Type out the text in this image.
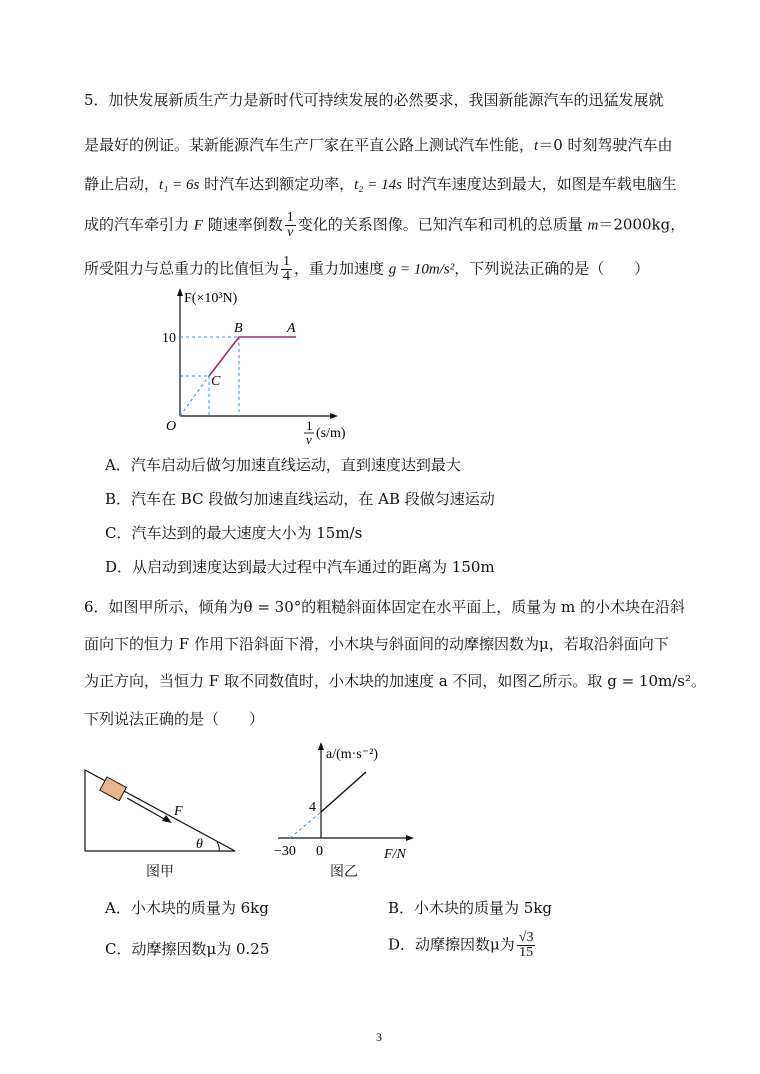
5．加快发展新质生产力是新时代可持续发展的必然要求，我国新能源汽车的迅猛发展就
是最好的例证。某新能源汽车生产厂家在平直公路上测试汽车性能，t＝0 时刻驾驶汽车由
静止启动，t₁ = 6s 时汽车达到额定功率，t₂ = 14s 时汽车速度达到最大，如图是车载电脑生
成的汽车牵引力 F 随速率倒数 $\frac{1}{v}$ 变化的关系图像。已知汽车和司机的总质量 m＝2000kg，
所受阻力与总重力的比值恒为 $\frac{1}{4}$ ，重力加速度 g = 10m/s²，下列说法正确的是（　　）
F(×10³N)
10
O
B	A
C
1
v (s/m)
A．汽车启动后做匀加速直线运动，直到速度达到最大
B．汽车在 BC 段做匀加速直线运动，在 AB 段做匀速运动
C．汽车达到的最大速度大小为 15m/s
D．从启动到速度达到最大过程中汽车通过的距离为 150m
6．如图甲所示，倾角为θ = 30°的粗糙斜面体固定在水平面上，质量为 m 的小木块在沿斜
面向下的恒力 F 作用下沿斜面下滑，小木块与斜面间的动摩擦因数为μ，若取沿斜面向下
为正方向，当恒力 F 取不同数值时，小木块的加速度 a 不同，如图乙所示。取 g = 10m/s²。
下列说法正确的是（　　）
F
θ
图甲
a/(m·s⁻²)
4
−30 0	F/N
图乙
A．小木块的质量为 6kg	B．小木块的质量为 5kg
C．动摩擦因数μ为 0.25	D．动摩擦因数μ为 $\frac{√3}{15}$
3
